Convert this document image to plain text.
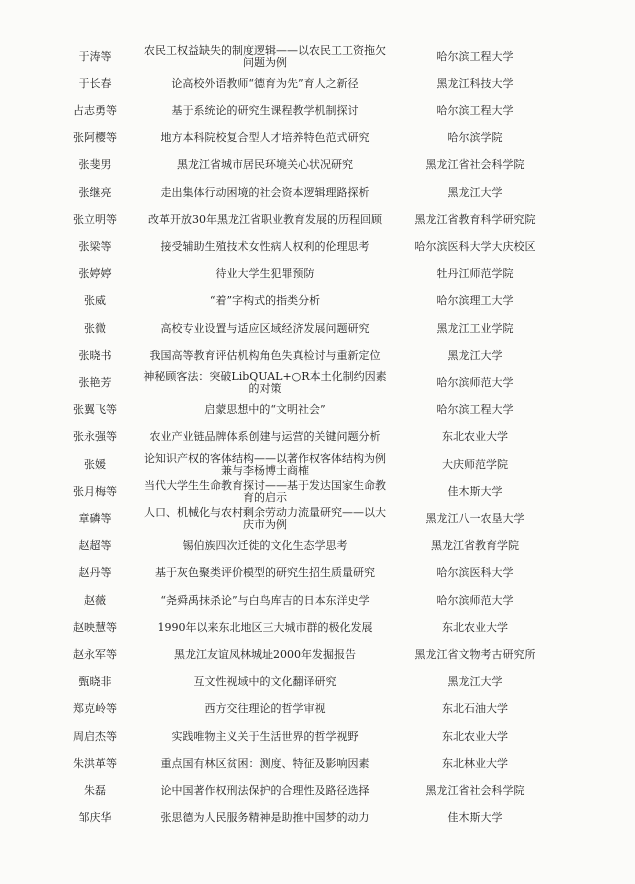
于涛等	农民工权益缺失的制度逻辑——以农民工工资拖欠问题为例	哈尔滨工程大学
于长春	论高校外语教师“德育为先”育人之新径	黑龙江科技大学
占志勇等	基于系统论的研究生课程教学机制探讨	哈尔滨工程大学
张阿樱等	地方本科院校复合型人才培养特色范式研究	哈尔滨学院
张斐男	黑龙江省城市居民环境关心状况研究	黑龙江省社会科学院
张继亮	走出集体行动困境的社会资本逻辑理路探析	黑龙江大学
张立明等	改革开放30年黑龙江省职业教育发展的历程回顾	黑龙江省教育科学研究院
张梁等	接受辅助生殖技术女性病人权利的伦理思考	哈尔滨医科大学大庆校区
张婷婷	待业大学生犯罪预防	牡丹江师范学院
张威	“着”字构式的指类分析	哈尔滨理工大学
张微	高校专业设置与适应区域经济发展问题研究	黑龙江工业学院
张晓书	我国高等教育评估机构角色失真检讨与重新定位	黑龙江大学
张艳芳	神秘顾客法：突破LibQUAL+○R本土化制约因素的对策	哈尔滨师范大学
张翼飞等	启蒙思想中的“文明社会”	哈尔滨工程大学
张永强等	农业产业链品牌体系创建与运营的关键问题分析	东北农业大学
张媛	论知识产权的客体结构——以著作权客体结构为例兼与李杨博士商榷	大庆师范学院
张月梅等	当代大学生生命教育探讨——基于发达国家生命教育的启示	佳木斯大学
章磷等	人口、机械化与农村剩余劳动力流量研究——以大庆市为例	黑龙江八一农垦大学
赵超等	锡伯族四次迁徙的文化生态学思考	黑龙江省教育学院
赵丹等	基于灰色聚类评价模型的研究生招生质量研究	哈尔滨医科大学
赵薇	“尧舜禹抹杀论”与白鸟库吉的日本东洋史学	哈尔滨师范大学
赵映慧等	1990年以来东北地区三大城市群的极化发展	东北农业大学
赵永军等	黑龙江友谊凤林城址2000年发掘报告	黑龙江省文物考古研究所
甄晓非	互文性视域中的文化翻译研究	黑龙江大学
郑克岭等	西方交往理论的哲学审视	东北石油大学
周启杰等	实践唯物主义关于生活世界的哲学视野	东北农业大学
朱洪革等	重点国有林区贫困：测度、特征及影响因素	东北林业大学
朱磊	论中国著作权刑法保护的合理性及路径选择	黑龙江省社会科学院
邹庆华	张思德为人民服务精神是助推中国梦的动力	佳木斯大学
